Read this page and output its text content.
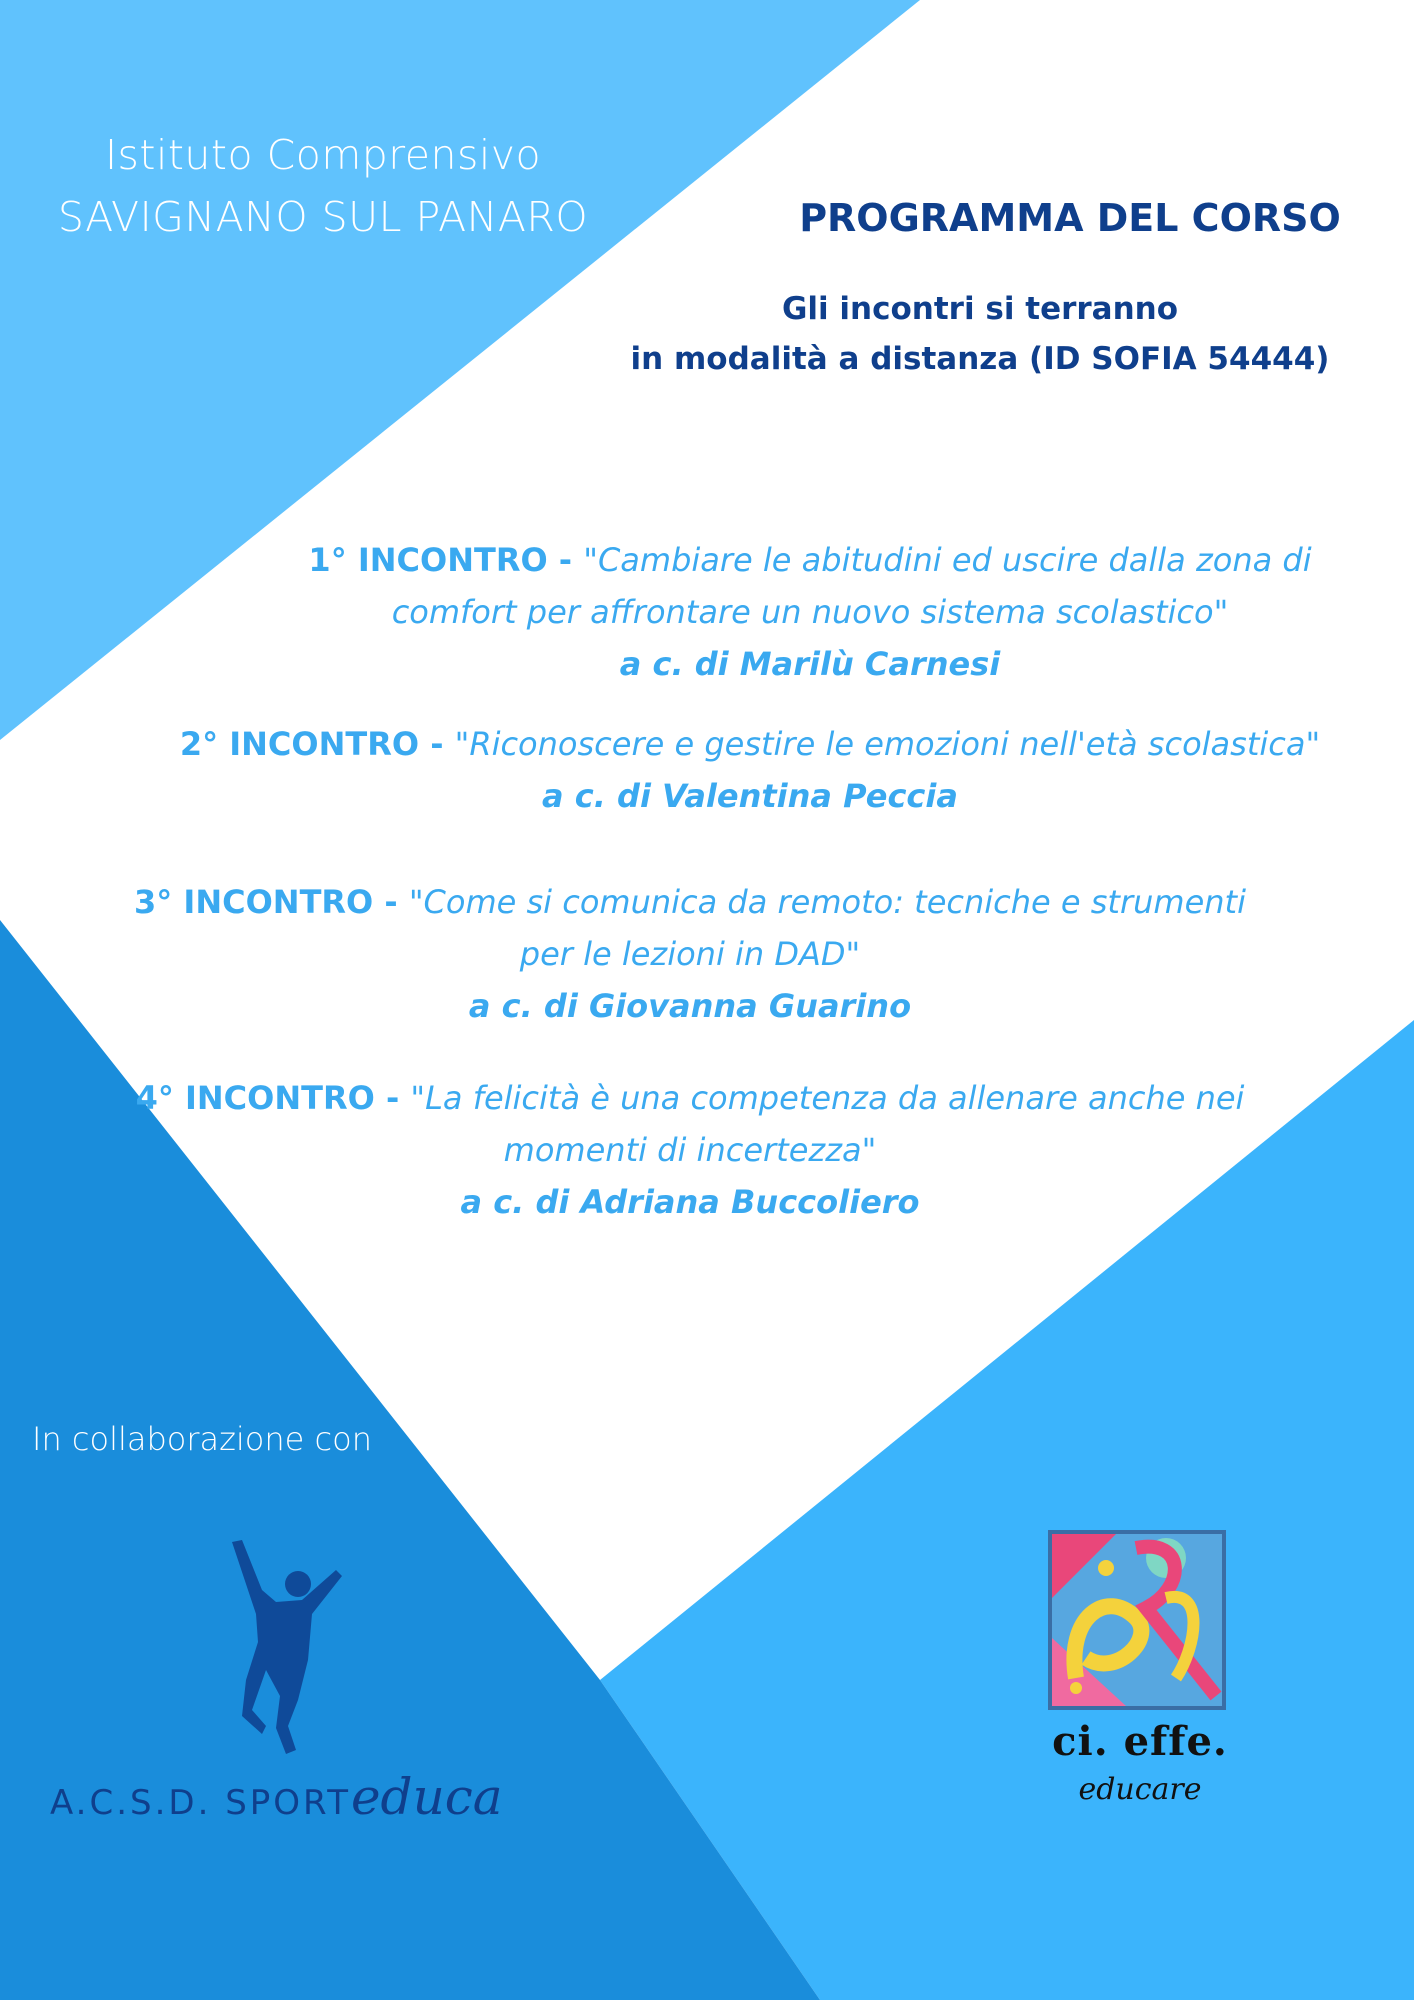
Istituto Comprensivo
SAVIGNANO SUL PANARO	PROGRAMMA DEL CORSO
Gli incontri si terranno
in modalità a distanza (ID SOFIA 54444)
1° INCONTRO - "Cambiare le abitudini ed uscire dalla zona di
comfort per affrontare un nuovo sistema scolastico"
a c. di Marilù Carnesi
2° INCONTRO - "Riconoscere e gestire le emozioni nell'età scolastica"
a c. di Valentina Peccia
3° INCONTRO - "Come si comunica da remoto: tecniche e strumenti
per le lezioni in DAD"
a c. di Giovanna Guarino
4° INCONTRO - "La felicità è una competenza da allenare anche nei
momenti di incertezza"
a c. di Adriana Buccoliero
In collaborazione con
A.C.S.D. SPORTeduca
ci. effe.
educare
